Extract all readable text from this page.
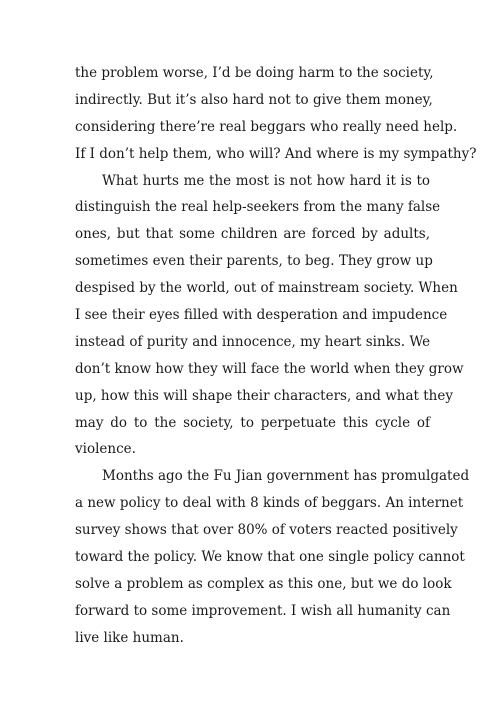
the problem worse, I’d be doing harm to the society,
indirectly. But it’s also hard not to give them money,
considering there’re real beggars who really need help.
If I don’t help them, who will? And where is my sympathy?
What hurts me the most is not how hard it is to
distinguish the real help-seekers from the many false
ones, but that some children are forced by adults,
sometimes even their parents, to beg. They grow up
despised by the world, out of mainstream society. When
I see their eyes filled with desperation and impudence
instead of purity and innocence, my heart sinks. We
don’t know how they will face the world when they grow
up, how this will shape their characters, and what they
may do to the society, to perpetuate this cycle of
violence.
Months ago the Fu Jian government has promulgated
a new policy to deal with 8 kinds of beggars. An internet
survey shows that over 80% of voters reacted positively
toward the policy. We know that one single policy cannot
solve a problem as complex as this one, but we do look
forward to some improvement. I wish all humanity can
live like human.
